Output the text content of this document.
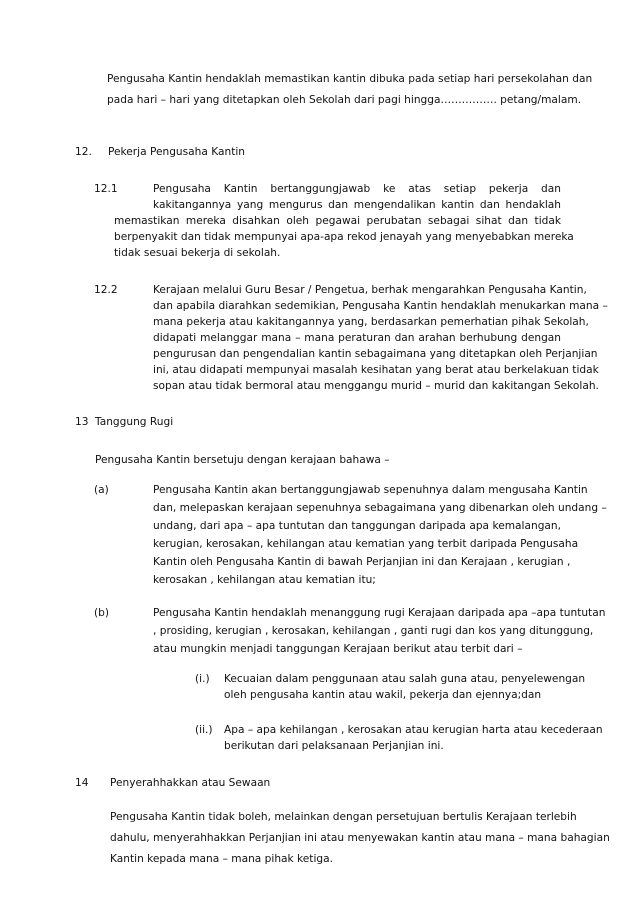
Pengusaha Kantin hendaklah memastikan kantin dibuka pada setiap hari persekolahan dan
pada hari – hari yang ditetapkan oleh Sekolah dari pagi hingga……………. petang/malam.
12. Pekerja Pengusaha Kantin
12.1	Pengusaha Kantin bertanggungjawab ke atas setiap pekerja dan
kakitangannya yang mengurus dan mengendalikan kantin dan hendaklah
memastikan mereka disahkan oleh pegawai perubatan sebagai sihat dan tidak
berpenyakit dan tidak mempunyai apa-apa rekod jenayah yang menyebabkan mereka
tidak sesuai bekerja di sekolah.
12.2	Kerajaan melalui Guru Besar / Pengetua, berhak mengarahkan Pengusaha Kantin,
dan apabila diarahkan sedemikian, Pengusaha Kantin hendaklah menukarkan mana –
mana pekerja atau kakitangannya yang, berdasarkan pemerhatian pihak Sekolah,
didapati melanggar mana – mana peraturan dan arahan berhubung dengan
pengurusan dan pengendalian kantin sebagaimana yang ditetapkan oleh Perjanjian
ini, atau didapati mempunyai masalah kesihatan yang berat atau berkelakuan tidak
sopan atau tidak bermoral atau menggangu murid – murid dan kakitangan Sekolah.
13 Tanggung Rugi
Pengusaha Kantin bersetuju dengan kerajaan bahawa –
(a)	Pengusaha Kantin akan bertanggungjawab sepenuhnya dalam mengusaha Kantin
dan, melepaskan kerajaan sepenuhnya sebagaimana yang dibenarkan oleh undang –
undang, dari apa – apa tuntutan dan tanggungan daripada apa kemalangan,
kerugian, kerosakan, kehilangan atau kematian yang terbit daripada Pengusaha
Kantin oleh Pengusaha Kantin di bawah Perjanjian ini dan Kerajaan , kerugian ,
kerosakan , kehilangan atau kematian itu;
(b)	Pengusaha Kantin hendaklah menanggung rugi Kerajaan daripada apa –apa tuntutan
, prosiding, kerugian , kerosakan, kehilangan , ganti rugi dan kos yang ditunggung,
atau mungkin menjadi tanggungan Kerajaan berikut atau terbit dari –
(i.) Kecuaian dalam penggunaan atau salah guna atau, penyelewengan
oleh pengusaha kantin atau wakil, pekerja dan ejennya;dan
(ii.) Apa – apa kehilangan , kerosakan atau kerugian harta atau kecederaan
berikutan dari pelaksanaan Perjanjian ini.
14 Penyerahhakkan atau Sewaan
Pengusaha Kantin tidak boleh, melainkan dengan persetujuan bertulis Kerajaan terlebih
dahulu, menyerahhakkan Perjanjian ini atau menyewakan kantin atau mana – mana bahagian
Kantin kepada mana – mana pihak ketiga.
